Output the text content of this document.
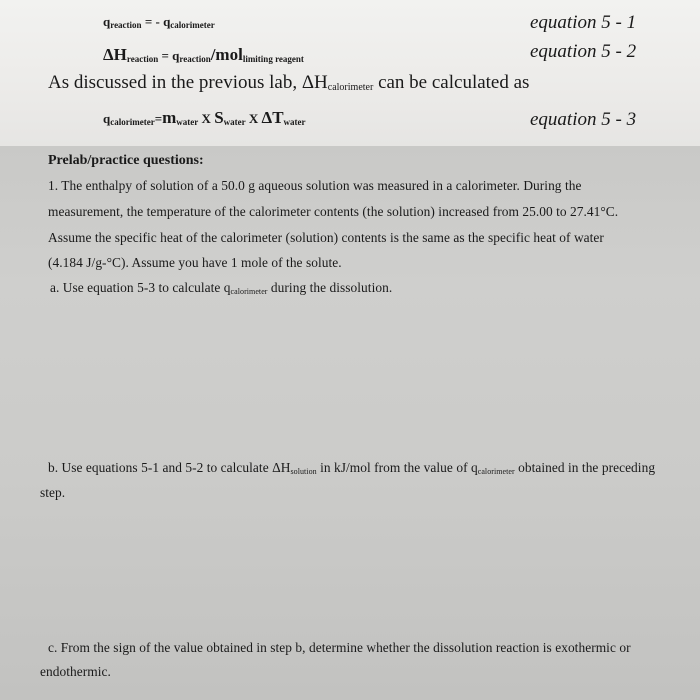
$q_{reaction}$ = - $q_{calorimeter}$	equation 5 - 1
$\Delta H_{reaction} = q_{reaction}/mol_{limiting reagent}$	equation 5 - 2
As discussed in the previous lab, $\Delta H_{calorimeter}$ can be calculated as
$q_{calorimeter}=m_{water}$ X $S_{water}$ X $\Delta T_{water}$	equation 5 - 3
Prelab/practice questions:
1. The enthalpy of solution of a 50.0 g aqueous solution was measured in a calorimeter. During the
measurement, the temperature of the calorimeter contents (the solution) increased from 25.00 to 27.41°C.
Assume the specific heat of the calorimeter (solution) contents is the same as the specific heat of water
(4.184 J/g-°C). Assume you have 1 mole of the solute.
a. Use equation 5-3 to calculate $q_{calorimeter}$ during the dissolution.
b. Use equations 5-1 and 5-2 to calculate $\Delta H_{solution}$ in kJ/mol from the value of $q_{calorimeter}$ obtained in the preceding
step.
c. From the sign of the value obtained in step b, determine whether the dissolution reaction is exothermic or
endothermic.
